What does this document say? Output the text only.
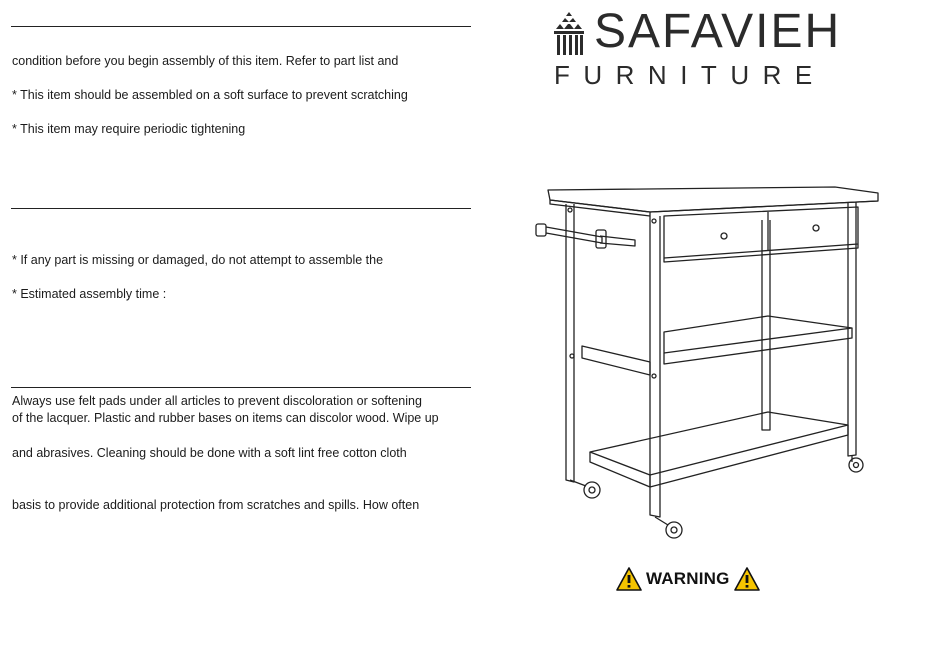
condition before you begin assembly of this item. Refer to part list and
* This item should be assembled on a soft surface to prevent scratching
* This item may require periodic tightening
* If any part is missing or damaged, do not attempt to assemble the
* Estimated assembly time :
Always use felt pads under all articles to prevent discoloration or softening
of the lacquer. Plastic and rubber bases on items can discolor wood. Wipe up
and abrasives. Cleaning should be done with a soft lint free cotton cloth
basis to provide additional protection from scratches and spills. How often
SAFAVIEH
FURNITURE
WARNING
